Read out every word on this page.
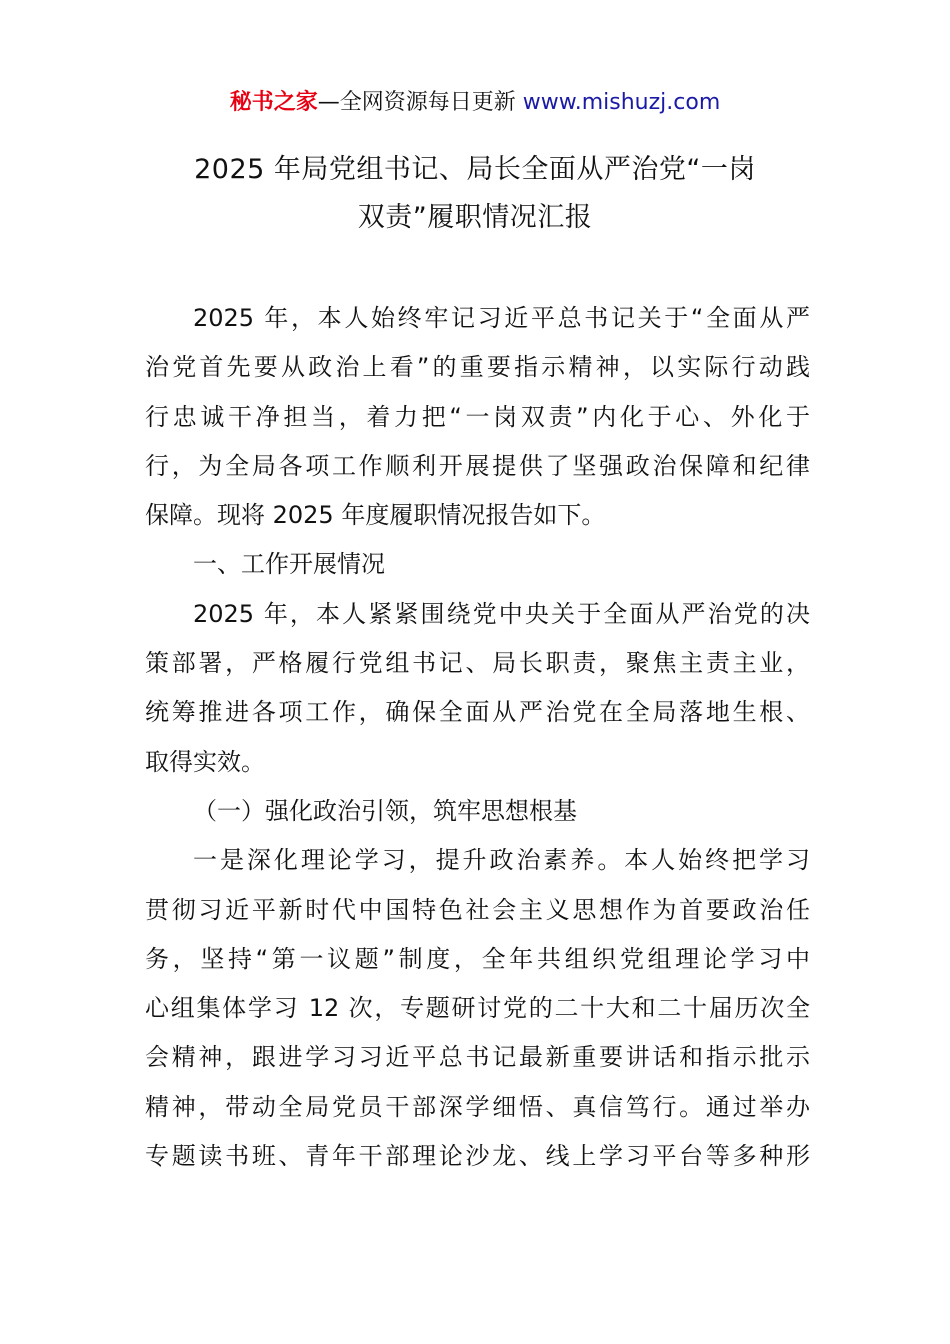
秘书之家—全网资源每日更新 www.mishuzj.com
2025 年局党组书记、局长全面从严治党“一岗
双责”履职情况汇报
2025 年，本人始终牢记习近平总书记关于“全面从严
治党首先要从政治上看”的重要指示精神，以实际行动践
行忠诚干净担当，着力把“一岗双责”内化于心、外化于
行，为全局各项工作顺利开展提供了坚强政治保障和纪律
保障。现将 2025 年度履职情况报告如下。
一、工作开展情况
2025 年，本人紧紧围绕党中央关于全面从严治党的决
策部署，严格履行党组书记、局长职责，聚焦主责主业，
统筹推进各项工作，确保全面从严治党在全局落地生根、
取得实效。
（一）强化政治引领，筑牢思想根基
一是深化理论学习，提升政治素养。本人始终把学习
贯彻习近平新时代中国特色社会主义思想作为首要政治任
务，坚持“第一议题”制度，全年共组织党组理论学习中
心组集体学习 12 次，专题研讨党的二十大和二十届历次全
会精神，跟进学习习近平总书记最新重要讲话和指示批示
精神，带动全局党员干部深学细悟、真信笃行。通过举办
专题读书班、青年干部理论沙龙、线上学习平台等多种形
